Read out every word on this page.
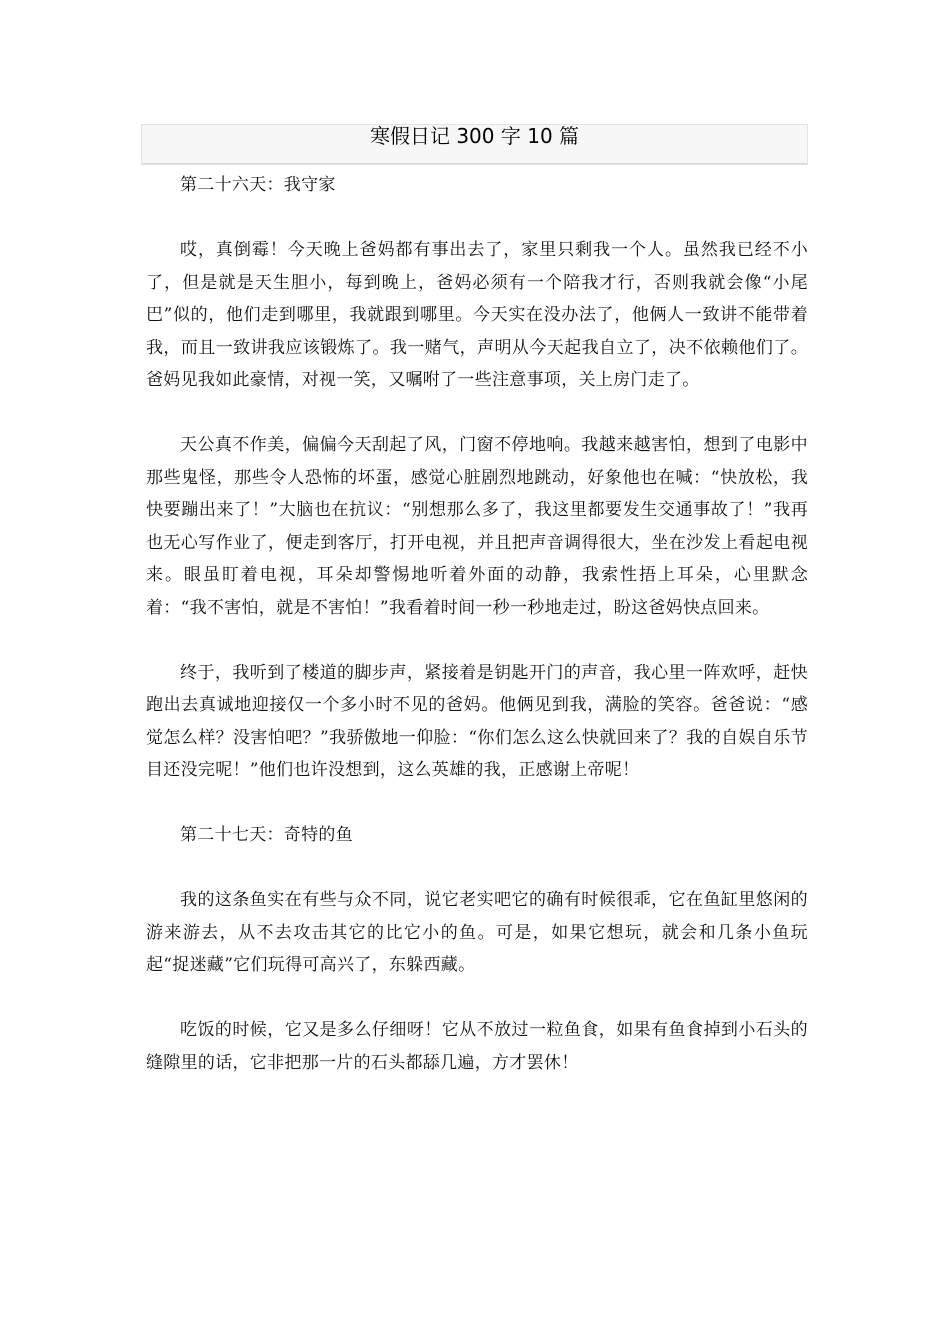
寒假日记 300 字 10 篇

第二十六天：我守家

哎，真倒霉！今天晚上爸妈都有事出去了，家里只剩我一个人。虽然我已经不小了，但是就是天生胆小，每到晚上，爸妈必须有一个陪我才行，否则我就会像“小尾巴”似的，他们走到哪里，我就跟到哪里。今天实在没办法了，他俩人一致讲不能带着我，而且一致讲我应该锻炼了。我一赌气，声明从今天起我自立了，决不依赖他们了。爸妈见我如此豪情，对视一笑，又嘱咐了一些注意事项，关上房门走了。

天公真不作美，偏偏今天刮起了风，门窗不停地响。我越来越害怕，想到了电影中那些鬼怪，那些令人恐怖的坏蛋，感觉心脏剧烈地跳动，好象他也在喊：“快放松，我快要蹦出来了！”大脑也在抗议：“别想那么多了，我这里都要发生交通事故了！”我再也无心写作业了，便走到客厅，打开电视，并且把声音调得很大，坐在沙发上看起电视来。眼虽盯着电视，耳朵却警惕地听着外面的动静，我索性捂上耳朵，心里默念着：“我不害怕，就是不害怕！”我看着时间一秒一秒地走过，盼这爸妈快点回来。

终于，我听到了楼道的脚步声，紧接着是钥匙开门的声音，我心里一阵欢呼，赶快跑出去真诚地迎接仅一个多小时不见的爸妈。他俩见到我，满脸的笑容。爸爸说：“感觉怎么样？没害怕吧？”我骄傲地一仰脸：“你们怎么这么快就回来了？我的自娱自乐节目还没完呢！”他们也许没想到，这么英雄的我，正感谢上帝呢！

第二十七天：奇特的鱼

我的这条鱼实在有些与众不同，说它老实吧它的确有时候很乖，它在鱼缸里悠闲的游来游去，从不去攻击其它的比它小的鱼。可是，如果它想玩，就会和几条小鱼玩起“捉迷藏”它们玩得可高兴了，东躲西藏。

吃饭的时候，它又是多么仔细呀！它从不放过一粒鱼食，如果有鱼食掉到小石头的缝隙里的话，它非把那一片的石头都舔几遍，方才罢休！
